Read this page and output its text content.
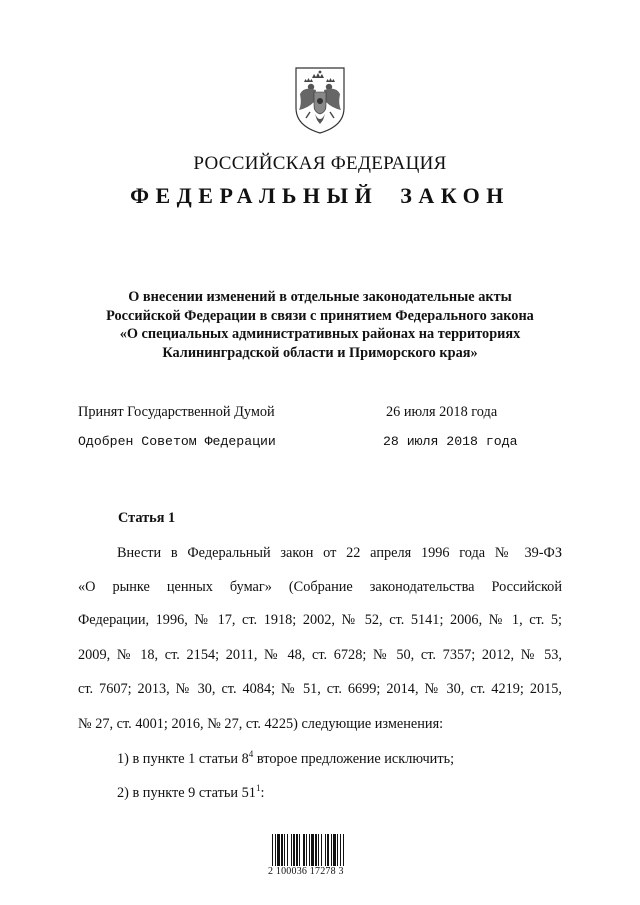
РОССИЙСКАЯ ФЕДЕРАЦИЯ
ФЕДЕРАЛЬНЫЙ ЗАКОН
О внесении изменений в отдельные законодательные акты
Российской Федерации в связи с принятием Федерального закона
«О специальных административных районах на территориях
Калининградской области и Приморского края»
Принят Государственной Думой	26 июля 2018 года
Одобрен Советом Федерации	28 июля 2018 года
Статья 1
Внести в Федеральный закон от 22 апреля 1996 года № 39-ФЗ
«О рынке ценных бумаг» (Собрание законодательства Российской
Федерации, 1996, № 17, ст. 1918; 2002, № 52, ст. 5141; 2006, № 1, ст. 5;
2009, № 18, ст. 2154; 2011, № 48, ст. 6728; № 50, ст. 7357; 2012, № 53,
ст. 7607; 2013, № 30, ст. 4084; № 51, ст. 6699; 2014, № 30, ст. 4219; 2015,
№ 27, ст. 4001; 2016, № 27, ст. 4225) следующие изменения:
1) в пункте 1 статьи $8^4$ второе предложение исключить;
2) в пункте 9 статьи $51^1$:
2 100036 17278 3
